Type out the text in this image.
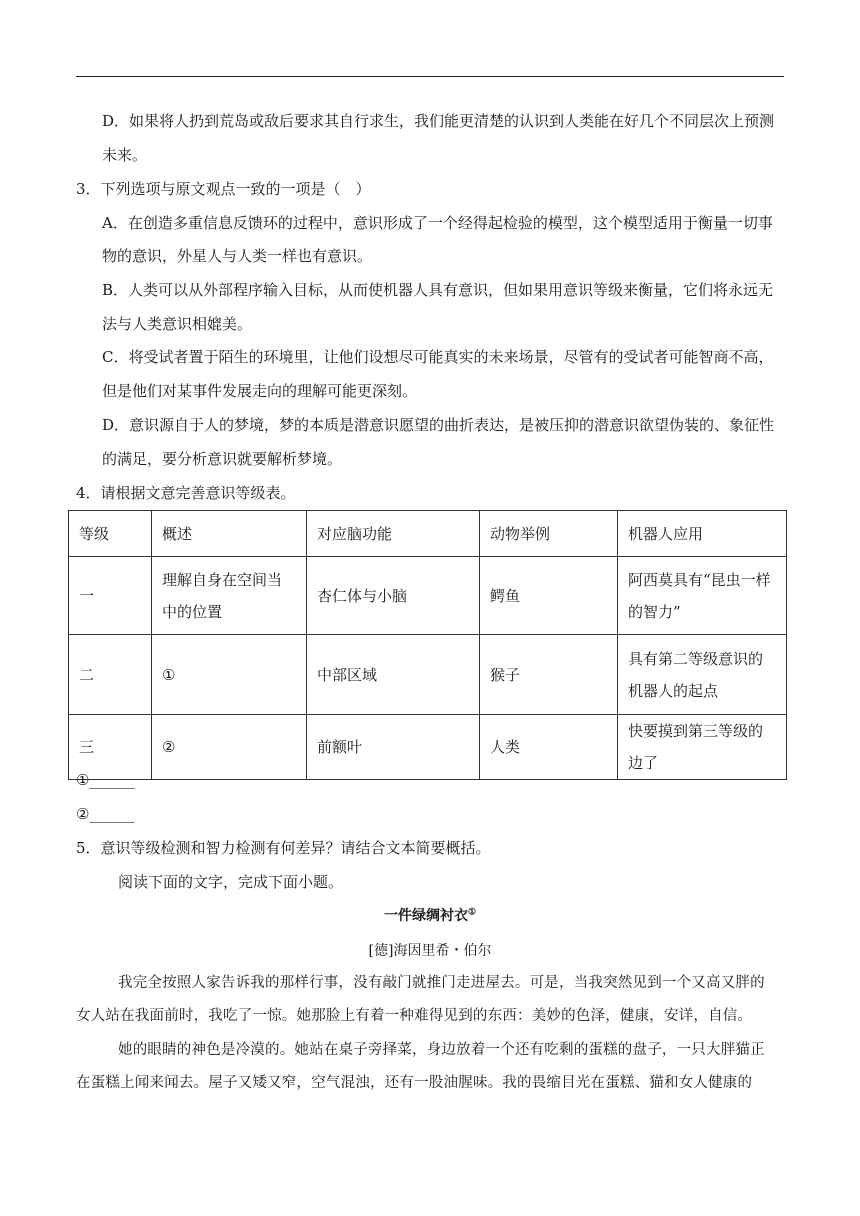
D．如果将人扔到荒岛或敌后要求其自行求生，我们能更清楚的认识到人类能在好几个不同层次上预测
未来。
3．下列选项与原文观点一致的一项是（　）
A．在创造多重信息反馈环的过程中，意识形成了一个经得起检验的模型，这个模型适用于衡量一切事
物的意识，外星人与人类一样也有意识。
B．人类可以从外部程序输入目标，从而使机器人具有意识，但如果用意识等级来衡量，它们将永远无
法与人类意识相媲美。
C．将受试者置于陌生的环境里，让他们设想尽可能真实的未来场景，尽管有的受试者可能智商不高，
但是他们对某事件发展走向的理解可能更深刻。
D．意识源自于人的梦境，梦的本质是潜意识愿望的曲折表达，是被压抑的潜意识欲望伪装的、象征性
的满足，要分析意识就要解析梦境。
4．请根据文意完善意识等级表。
等级	概述	对应脑功能	动物举例	机器人应用
一	理解自身在空间当中的位置	杏仁体与小脑	鳄鱼	阿西莫具有“昆虫一样的智力”
二	①	中部区域	猴子	具有第二等级意识的机器人的起点
三	②	前额叶	人类	快要摸到第三等级的边了
①______
②______
5．意识等级检测和智力检测有何差异？请结合文本简要概括。
阅读下面的文字，完成下面小题。
一件绿绸衬衣①
[德]海因里希・伯尔
我完全按照人家告诉我的那样行事，没有敲门就推门走进屋去。可是，当我突然见到一个又高又胖的
女人站在我面前时，我吃了一惊。她那脸上有着一种难得见到的东西：美妙的色泽，健康，安详，自信。
她的眼睛的神色是冷漠的。她站在桌子旁择菜，身边放着一个还有吃剩的蛋糕的盘子，一只大胖猫正
在蛋糕上闻来闻去。屋子又矮又窄，空气混浊，还有一股油腥味。我的畏缩目光在蛋糕、猫和女人健康的
